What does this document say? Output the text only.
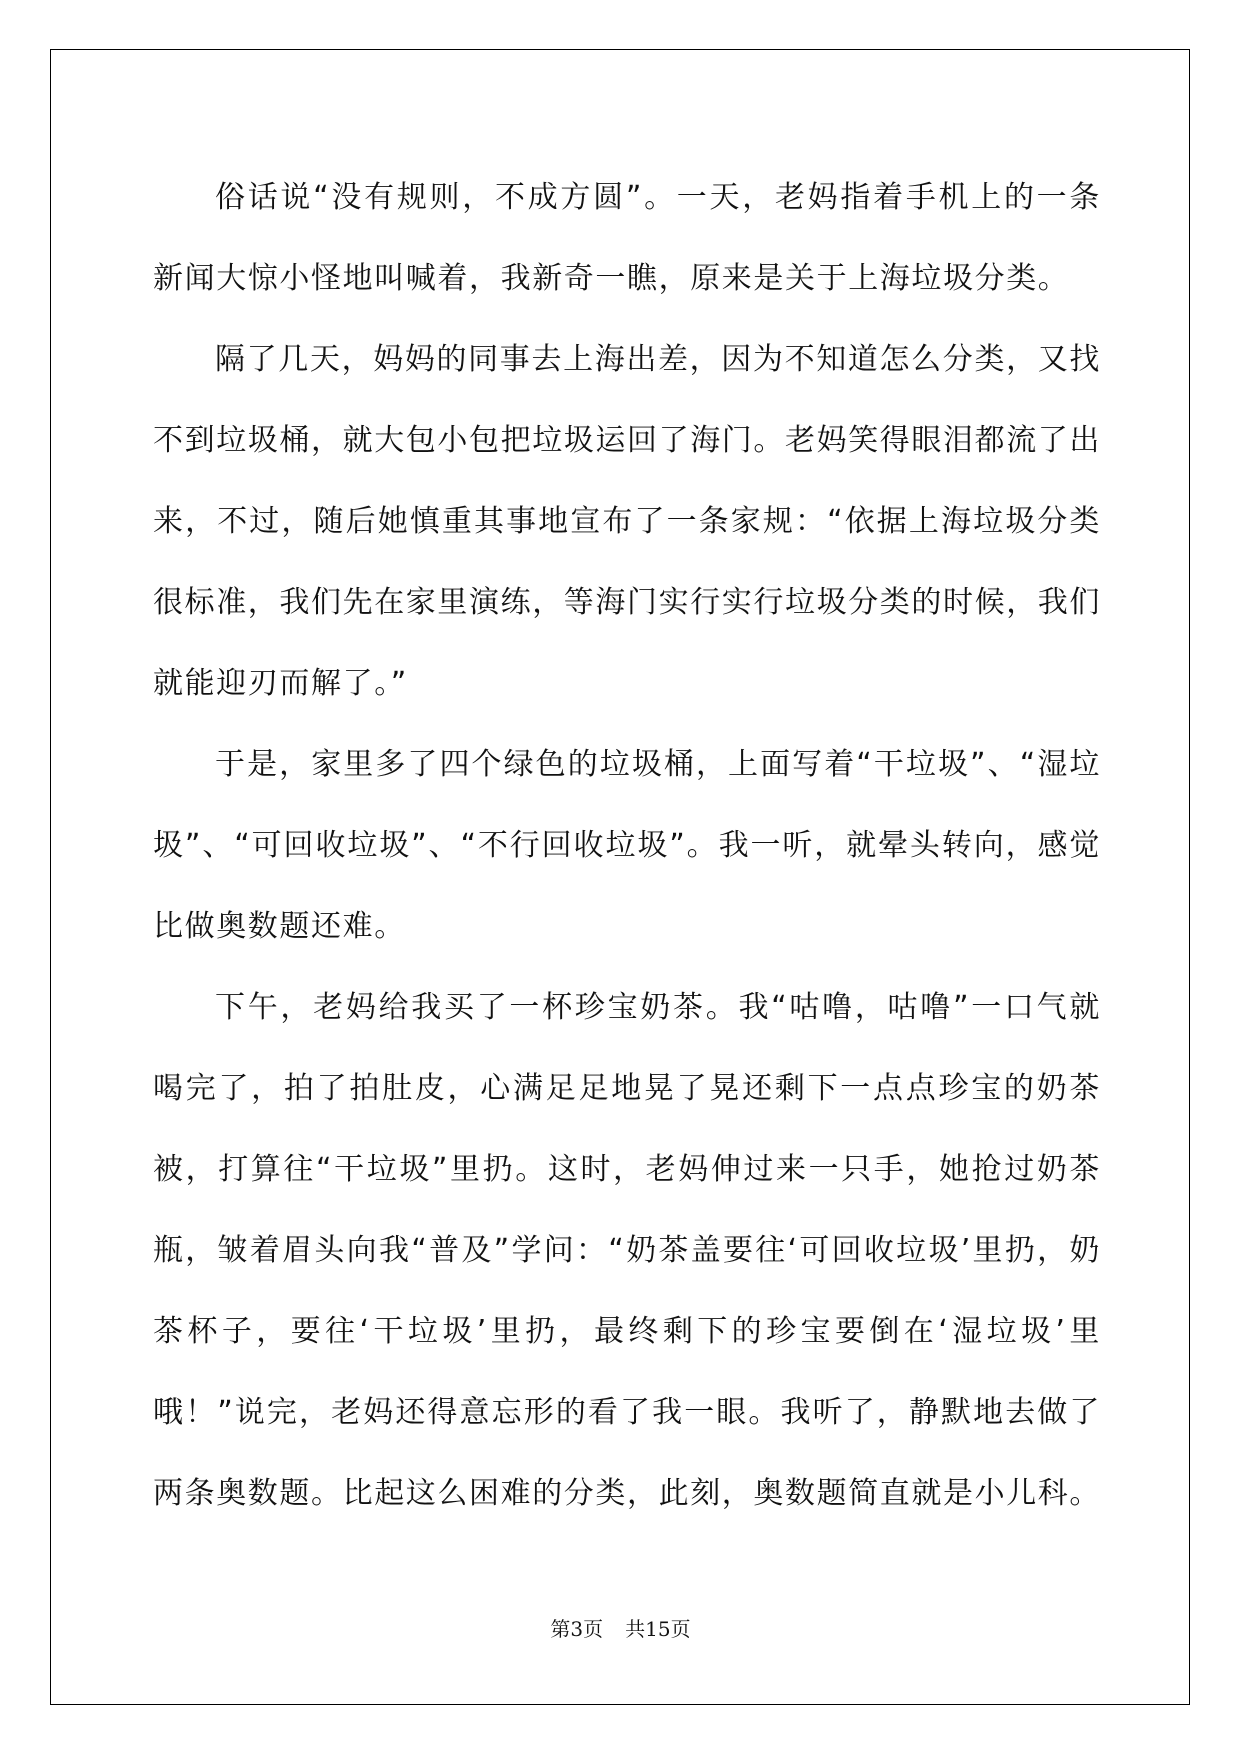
俗话说“没有规则，不成方圆”。一天，老妈指着手机上的一条新闻大惊小怪地叫喊着，我新奇一瞧，原来是关于上海垃圾分类。

隔了几天，妈妈的同事去上海出差，因为不知道怎么分类，又找不到垃圾桶，就大包小包把垃圾运回了海门。老妈笑得眼泪都流了出来，不过，随后她慎重其事地宣布了一条家规：“依据上海垃圾分类很标准，我们先在家里演练，等海门实行实行垃圾分类的时候，我们就能迎刃而解了。”

于是，家里多了四个绿色的垃圾桶，上面写着“干垃圾”、“湿垃圾”、“可回收垃圾”、“不行回收垃圾”。我一听，就晕头转向，感觉比做奥数题还难。

下午，老妈给我买了一杯珍宝奶茶。我“咕噜，咕噜”一口气就喝完了，拍了拍肚皮，心满足足地晃了晃还剩下一点点珍宝的奶茶被，打算往“干垃圾”里扔。这时，老妈伸过来一只手，她抢过奶茶瓶，皱着眉头向我“普及”学问：“奶茶盖要往‘可回收垃圾’里扔，奶茶杯子，要往‘干垃圾’里扔，最终剩下的珍宝要倒在‘湿垃圾’里哦！”说完，老妈还得意忘形的看了我一眼。我听了，静默地去做了两条奥数题。比起这么困难的分类，此刻，奥数题简直就是小儿科。

第3页 共15页
